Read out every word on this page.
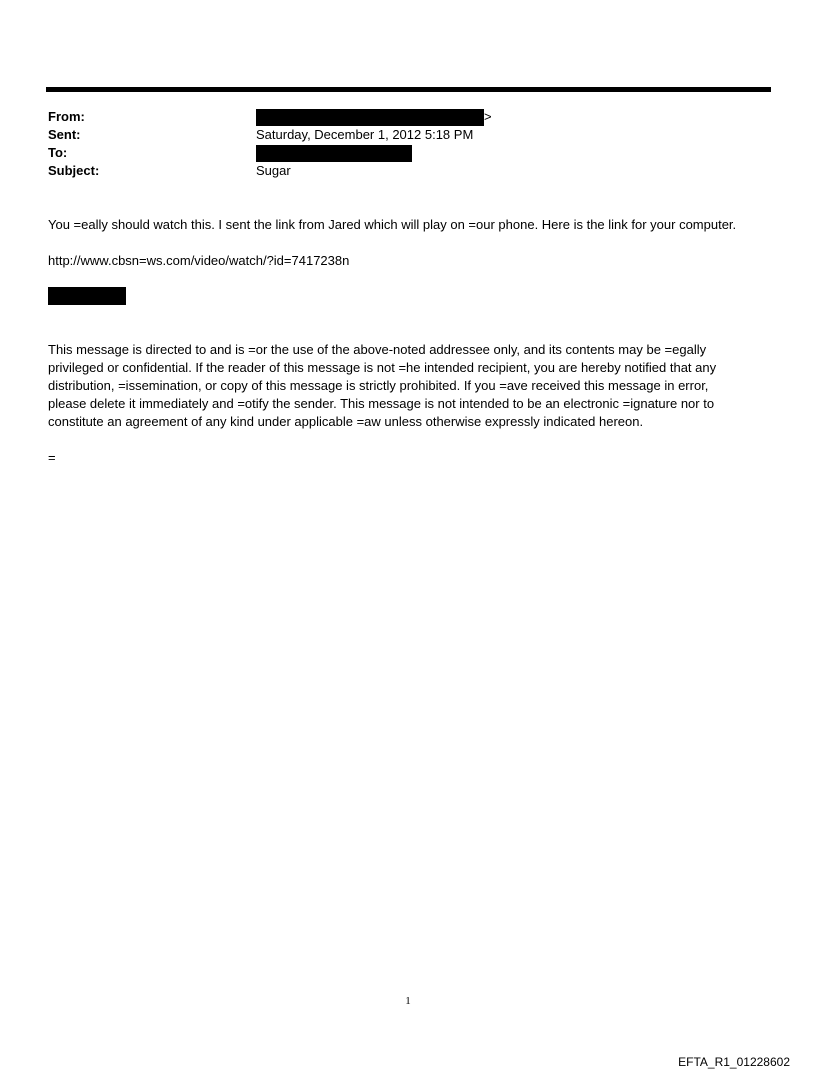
From:	>
Sent:	Saturday, December 1, 2012 5:18 PM
To:
Subject:	Sugar
You =eally should watch this. I sent the link from Jared which will play on =our phone. Here is the link for your computer.
http://www.cbsn=ws.com/video/watch/?id=7417238n
This message is directed to and is =or the use of the above-noted addressee only, and its contents may be =egally
privileged or confidential. If the reader of this message is not =he intended recipient, you are hereby notified that any
distribution, =issemination, or copy of this message is strictly prohibited. If you =ave received this message in error,
please delete it immediately and =otify the sender. This message is not intended to be an electronic =ignature nor to
constitute an agreement of any kind under applicable =aw unless otherwise expressly indicated hereon.
=
1
EFTA_R1_01228602
